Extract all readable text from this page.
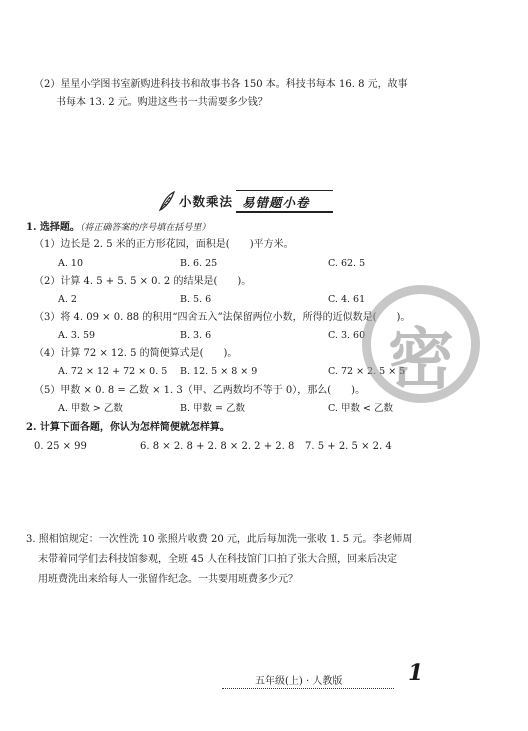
（2）星星小学图书室新购进科技书和故事书各 150 本。科技书每本 16. 8 元，故事
书每本 13. 2 元。购进这些书一共需要多少钱？
小数乘法 易错题小卷
1. 选择题。（将正确答案的序号填在括号里）
（1）边长是 2. 5 米的正方形花园，面积是(　　)平方米。
A. 10	B. 6. 25	C. 62. 5
（2）计算 4. 5 + 5. 5 × 0. 2 的结果是(　　)。
A. 2	B. 5. 6	C. 4. 61
（3）将 4. 09 × 0. 88 的积用“四舍五入”法保留两位小数，所得的近似数是(　　)。
A. 3. 59	B. 3. 6	C. 3. 60
（4）计算 72 × 12. 5 的简便算式是(　　)。
A. 72 × 12 + 72 × 0. 5 B. 12. 5 × 8 × 9	C. 72 × 2. 5 × 5
（5）甲数 × 0. 8 = 乙数 × 1. 3（甲、乙两数均不等于 0），那么(　　)。
A. 甲数 > 乙数	B. 甲数 = 乙数	C. 甲数 < 乙数
2. 计算下面各题，你认为怎样简便就怎样算。
0. 25 × 99	6. 8 × 2. 8 + 2. 8 × 2. 2 + 2. 8 7. 5 + 2. 5 × 2. 4
3. 照相馆规定：一次性洗 10 张照片收费 20 元，此后每加洗一张收 1. 5 元。李老师周
末带着同学们去科技馆参观，全班 45 人在科技馆门口拍了张大合照，回来后决定
用班费洗出来给每人一张留作纪念。一共要用班费多少元？
密
五年级(上) · 人教版	1
